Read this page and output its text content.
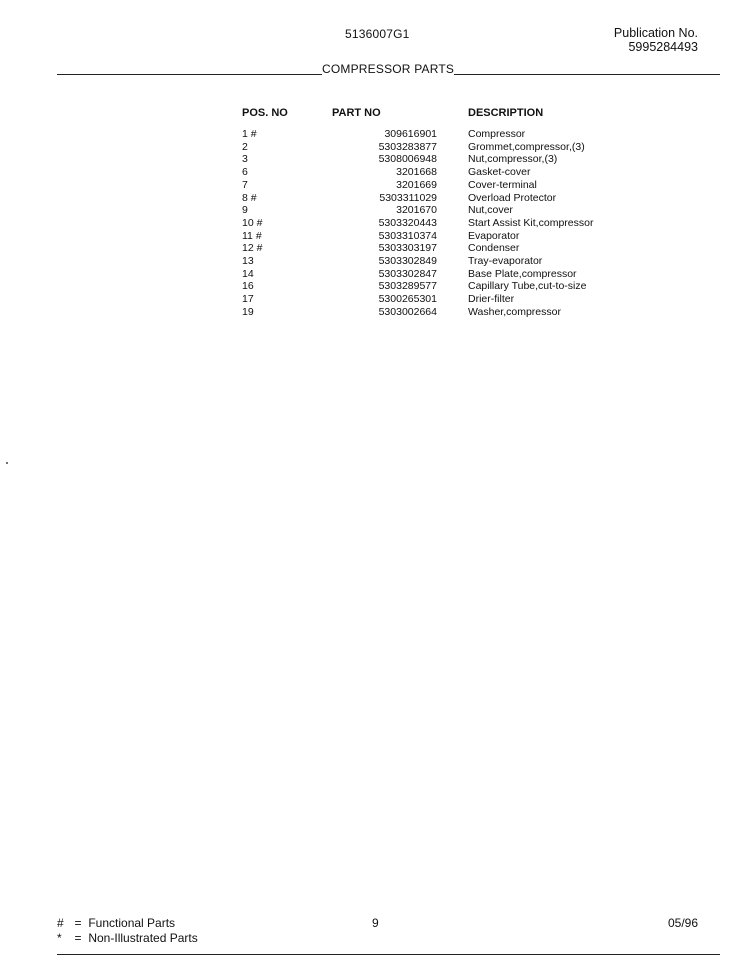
5136007G1	Publication No.
5995284493
COMPRESSOR PARTS
POS. NO	PART NO	DESCRIPTION
1 #	309616901	Compressor
2	5303283877	Grommet,compressor,(3)
3	5308006948	Nut,compressor,(3)
6	3201668	Gasket-cover
7	3201669	Cover-terminal
8 #	5303311029	Overload Protector
9	3201670	Nut,cover
10 #	5303320443	Start Assist Kit,compressor
11 #	5303310374	Evaporator
12 #	5303303197	Condenser
13	5303302849	Tray-evaporator
14	5303302847	Base Plate,compressor
16	5303289577	Capillary Tube,cut-to-size
17	5300265301	Drier-filter
19	5303002664	Washer,compressor
# = Functional Parts
* = Non-Illustrated Parts
9	05/96
